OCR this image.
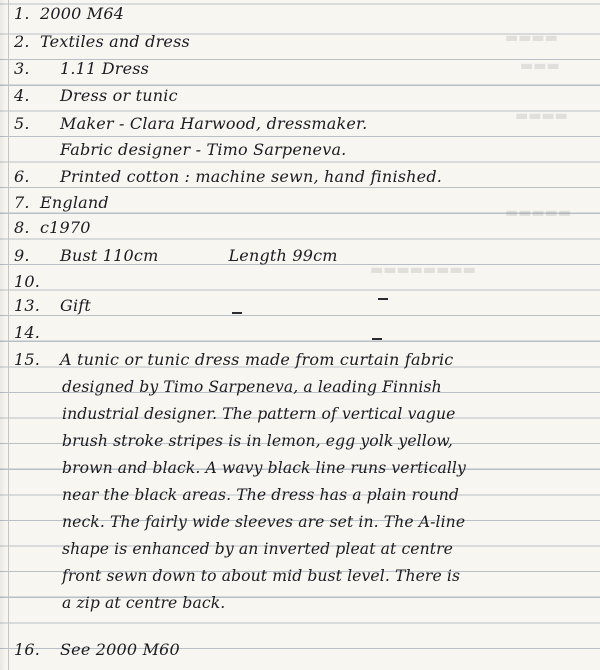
▬▬▬▬
▬▬▬
▬▬▬▬
▬▬▬▬▬
▬▬▬▬▬▬▬▬
1. 2000 M64
2. Textiles and dress
3. 1.11 Dress
4. Dress or tunic
5. Maker - Clara Harwood, dressmaker.
Fabric designer - Timo Sarpeneva.
6. Printed cotton : machine sewn, hand finished.
7. England
8. c1970
9. Bust 110cm	Length 99cm
10.
13. Gift
14.
15. A tunic or tunic dress made from curtain fabric
designed by Timo Sarpeneva, a leading Finnish
industrial designer. The pattern of vertical vague
brush stroke stripes is in lemon, egg yolk yellow,
brown and black. A wavy black line runs vertically
near the black areas. The dress has a plain round
neck. The fairly wide sleeves are set in. The A-line
shape is enhanced by an inverted pleat at centre
front sewn down to about mid bust level. There is
a zip at centre back.
16. See 2000 M60
